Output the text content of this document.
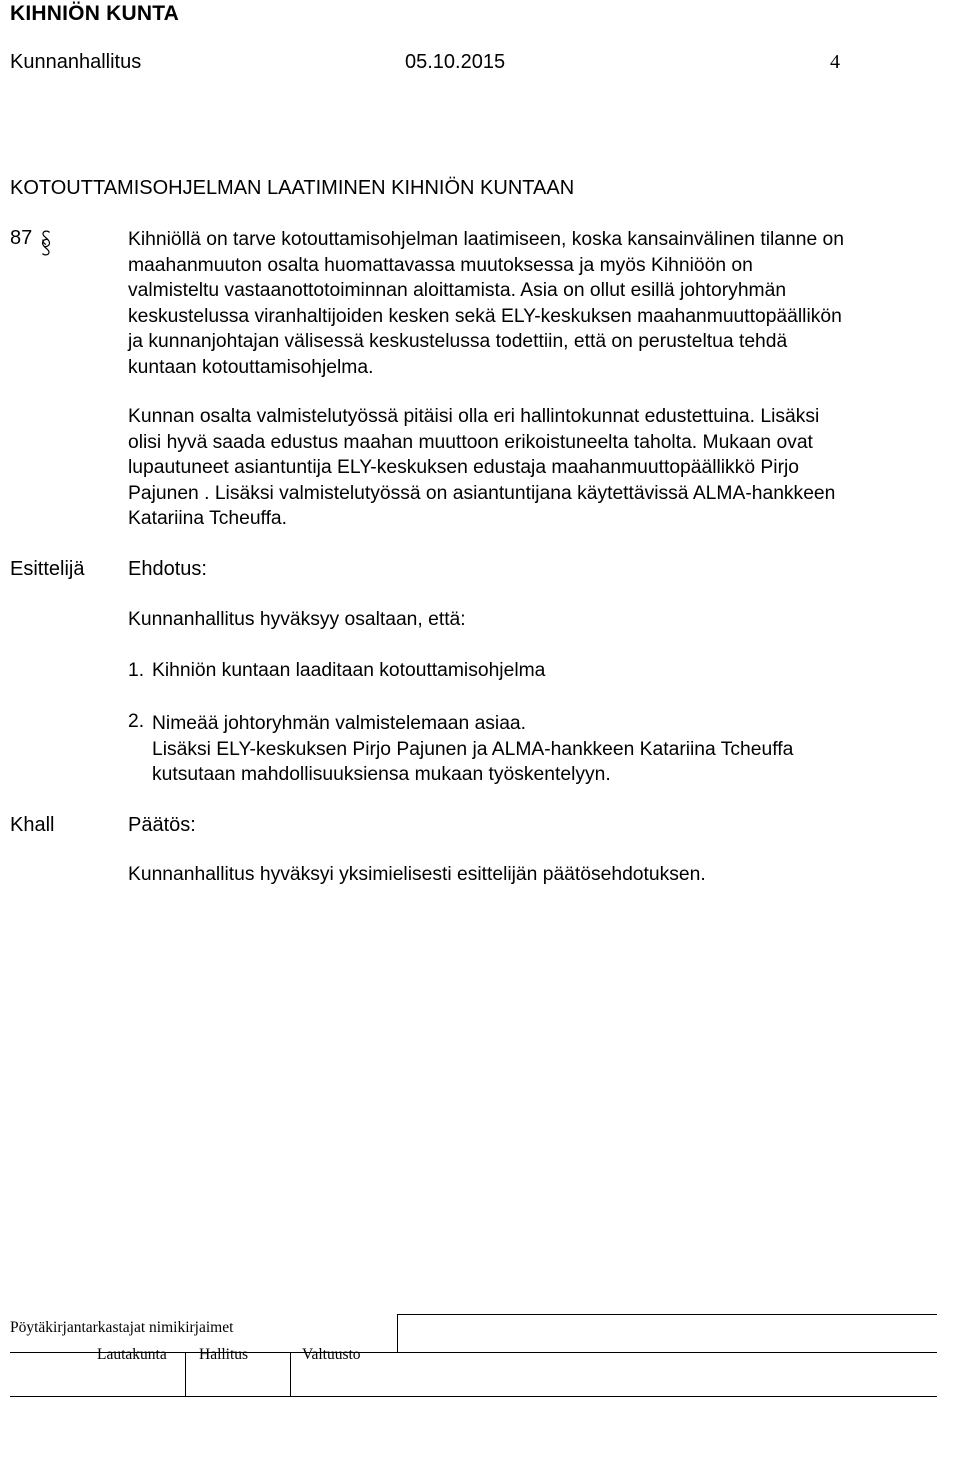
KIHNIÖN KUNTA
Kunnanhallitus	05.10.2015	4
KOTOUTTAMISOHJELMAN LAATIMINEN KIHNIÖN KUNTAAN
87	Kihniöllä on tarve kotouttamisohjelman laatimiseen, koska kansainvälinen tilanne on
maahanmuuton osalta huomattavassa muutoksessa ja myös Kihniöön on
valmisteltu vastaanottotoiminnan aloittamista. Asia on ollut esillä johtoryhmän
keskustelussa viranhaltijoiden kesken sekä ELY-keskuksen maahanmuuttopäällikön
ja kunnanjohtajan välisessä keskustelussa todettiin, että on perusteltua tehdä
kuntaan kotouttamisohjelma.
Kunnan osalta valmistelutyössä pitäisi olla eri hallintokunnat edustettuina. Lisäksi
olisi hyvä saada edustus maahan muuttoon erikoistuneelta taholta. Mukaan ovat
lupautuneet asiantuntija ELY-keskuksen edustaja maahanmuuttopäällikkö Pirjo
Pajunen . Lisäksi valmistelutyössä on asiantuntijana käytettävissä ALMA-hankkeen
Katariina Tcheuffa.
Esittelijä Ehdotus:
Kunnanhallitus hyväksyy osaltaan, että:
1. Kihniön kuntaan laaditaan kotouttamisohjelma
2. Nimeää johtoryhmän valmistelemaan asiaa.
Lisäksi ELY-keskuksen Pirjo Pajunen ja ALMA-hankkeen Katariina Tcheuffa
kutsutaan mahdollisuuksiensa mukaan työskentelyyn.
Khall	Päätös:
Kunnanhallitus hyväksyi yksimielisesti esittelijän päätösehdotuksen.
Pöytäkirjantarkastajat nimikirjaimet
Lautakunta Hallitus	Valtuusto
